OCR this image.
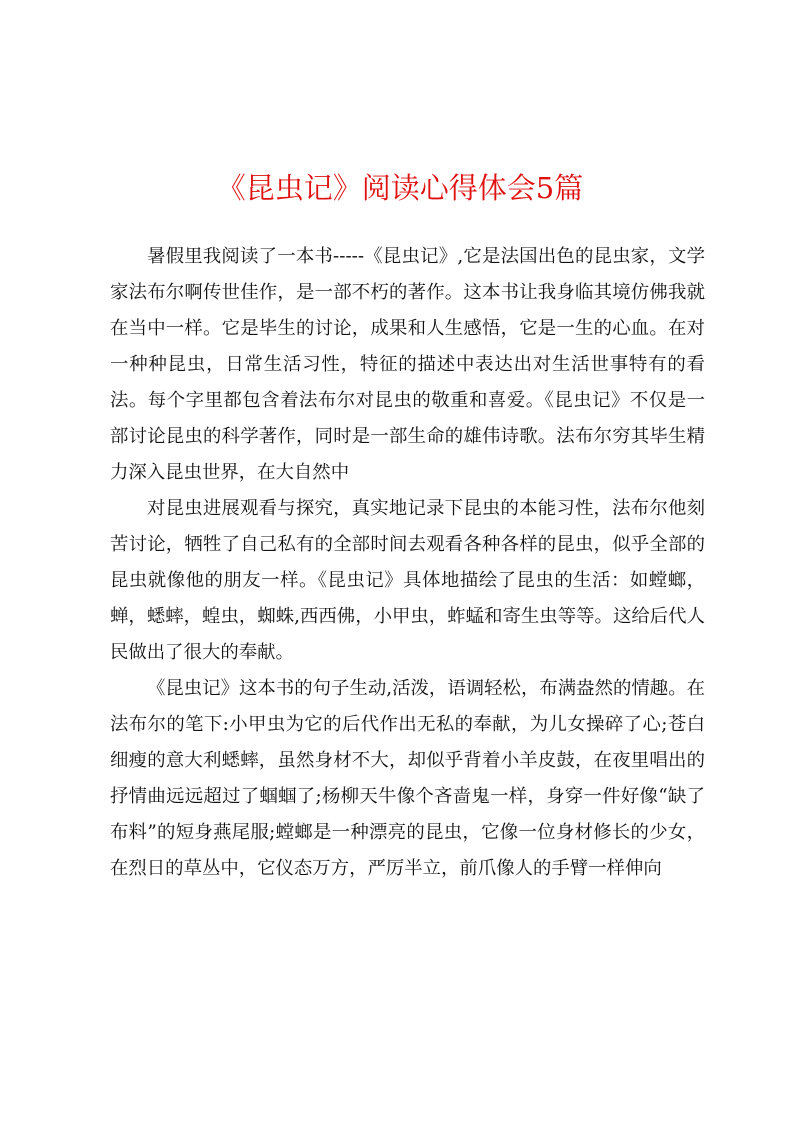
《昆虫记》阅读心得体会5篇

暑假里我阅读了一本书-----《昆虫记》,它是法国出色的昆虫家，文学家法布尔啊传世佳作，是一部不朽的著作。这本书让我身临其境仿佛我就在当中一样。它是毕生的讨论，成果和人生感悟，它是一生的心血。在对一种种昆虫，日常生活习性，特征的描述中表达出对生活世事特有的看法。每个字里都包含着法布尔对昆虫的敬重和喜爱。《昆虫记》不仅是一部讨论昆虫的科学著作，同时是一部生命的雄伟诗歌。法布尔穷其毕生精力深入昆虫世界，在大自然中

对昆虫进展观看与探究，真实地记录下昆虫的本能习性，法布尔他刻苦讨论，牺牲了自己私有的全部时间去观看各种各样的昆虫，似乎全部的昆虫就像他的朋友一样。《昆虫记》具体地描绘了昆虫的生活：如螳螂，蝉，蟋蟀，蝗虫，蜘蛛,西西佛，小甲虫，蚱蜢和寄生虫等等。这给后代人民做出了很大的奉献。

《昆虫记》这本书的句子生动,活泼，语调轻松，布满盎然的情趣。在法布尔的笔下:小甲虫为它的后代作出无私的奉献，为儿女操碎了心;苍白细瘦的意大利蟋蟀，虽然身材不大，却似乎背着小羊皮鼓，在夜里唱出的抒情曲远远超过了蝈蝈了;杨柳天牛像个吝啬鬼一样，身穿一件好像“缺了布料”的短身燕尾服;螳螂是一种漂亮的昆虫，它像一位身材修长的少女，在烈日的草丛中，它仪态万方，严厉半立，前爪像人的手臂一样伸向
